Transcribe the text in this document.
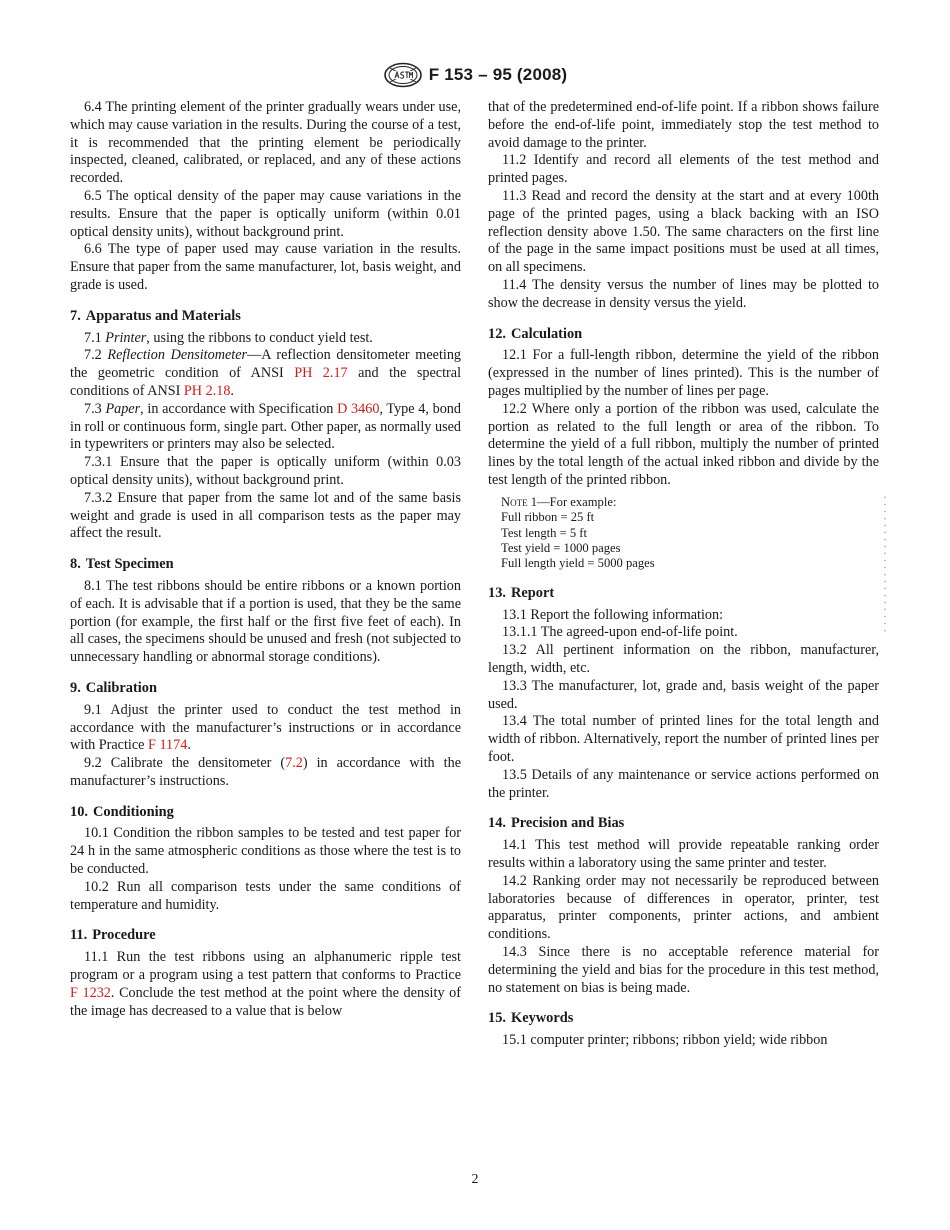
F 153 – 95 (2008)

6.4 The printing element of the printer gradually wears under use, which may cause variation in the results. During the course of a test, it is recommended that the printing element be periodically inspected, cleaned, calibrated, or replaced, and any of these actions recorded.

6.5 The optical density of the paper may cause variations in the results. Ensure that the paper is optically uniform (within 0.01 optical density units), without background print.

6.6 The type of paper used may cause variation in the results. Ensure that paper from the same manufacturer, lot, basis weight, and grade is used.

7. Apparatus and Materials

7.1 Printer, using the ribbons to conduct yield test.

7.2 Reflection Densitometer—A reflection densitometer meeting the geometric condition of ANSI PH 2.17 and the spectral conditions of ANSI PH 2.18.

7.3 Paper, in accordance with Specification D 3460, Type 4, bond in roll or continuous form, single part. Other paper, as normally used in typewriters or printers may also be selected.

7.3.1 Ensure that the paper is optically uniform (within 0.03 optical density units), without background print.

7.3.2 Ensure that paper from the same lot and of the same basis weight and grade is used in all comparison tests as the paper may affect the result.

8. Test Specimen

8.1 The test ribbons should be entire ribbons or a known portion of each. It is advisable that if a portion is used, that they be the same portion (for example, the first half or the first five feet of each). In all cases, the specimens should be unused and fresh (not subjected to unnecessary handling or abnormal storage conditions).

9. Calibration

9.1 Adjust the printer used to conduct the test method in accordance with the manufacturer’s instructions or in accordance with Practice F 1174.

9.2 Calibrate the densitometer (7.2) in accordance with the manufacturer’s instructions.

10. Conditioning

10.1 Condition the ribbon samples to be tested and test paper for 24 h in the same atmospheric conditions as those where the test is to be conducted.

10.2 Run all comparison tests under the same conditions of temperature and humidity.

11. Procedure

11.1 Run the test ribbons using an alphanumeric ripple test program or a program using a test pattern that conforms to Practice F 1232. Conclude the test method at the point where the density of the image has decreased to a value that is below

that of the predetermined end-of-life point. If a ribbon shows failure before the end-of-life point, immediately stop the test method to avoid damage to the printer.

11.2 Identify and record all elements of the test method and printed pages.

11.3 Read and record the density at the start and at every 100th page of the printed pages, using a black backing with an ISO reflection density above 1.50. The same characters on the first line of the page in the same impact positions must be used at all times, on all specimens.

11.4 The density versus the number of lines may be plotted to show the decrease in density versus the yield.

12. Calculation

12.1 For a full-length ribbon, determine the yield of the ribbon (expressed in the number of lines printed). This is the number of pages multiplied by the number of lines per page.

12.2 Where only a portion of the ribbon was used, calculate the portion as related to the full length or area of the ribbon. To determine the yield of a full ribbon, multiply the number of printed lines by the total length of the actual inked ribbon and divide by the test length of the printed ribbon.

Note 1—For example:
Full ribbon = 25 ft
Test length = 5 ft
Test yield = 1000 pages
Full length yield = 5000 pages
13. Report

13.1 Report the following information:

13.1.1 The agreed-upon end-of-life point.

13.2 All pertinent information on the ribbon, manufacturer, length, width, etc.

13.3 The manufacturer, lot, grade and, basis weight of the paper used.

13.4 The total number of printed lines for the total length and width of ribbon. Alternatively, report the number of printed lines per foot.

13.5 Details of any maintenance or service actions performed on the printer.

14. Precision and Bias

14.1 This test method will provide repeatable ranking order results within a laboratory using the same printer and tester.

14.2 Ranking order may not necessarily be reproduced between laboratories because of differences in operator, printer, test apparatus, printer components, printer actions, and ambient conditions.

14.3 Since there is no acceptable reference material for determining the yield and bias for the procedure in this test method, no statement on bias is being made.

15. Keywords

15.1 computer printer; ribbons; ribbon yield; wide ribbon

2
